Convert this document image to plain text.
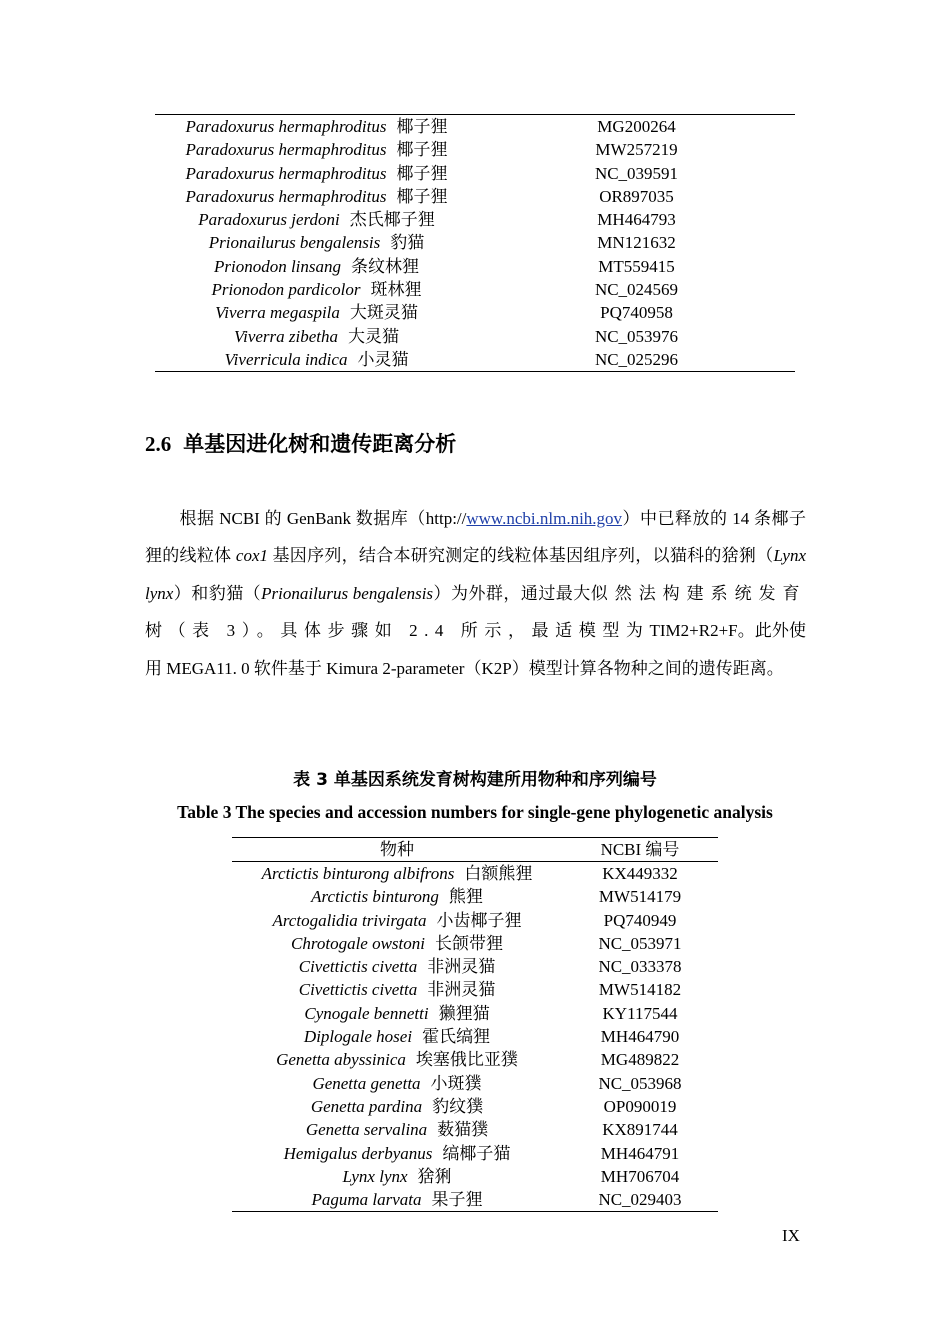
Paradoxurus hermaphroditus 椰子狸	MG200264
Paradoxurus hermaphroditus 椰子狸	MW257219
Paradoxurus hermaphroditus 椰子狸	NC_039591
Paradoxurus hermaphroditus 椰子狸	OR897035
Paradoxurus jerdoni 杰氏椰子狸	MH464793
Prionailurus bengalensis 豹猫	MN121632
Prionodon linsang 条纹林狸	MT559415
Prionodon pardicolor 斑林狸	NC_024569
Viverra megaspila 大斑灵猫	PQ740958
Viverra zibetha 大灵猫	NC_053976
Viverricula indica 小灵猫	NC_025296
2.6 单基因进化树和遗传距离分析

根据 NCBI 的 GenBank 数据库（http://www.ncbi.nlm.nih.gov）中已释放的 14 条椰子狸的线粒体 cox1 基因序列，结合本研究测定的线粒体基因组序列，以猫科的猞猁（Lynx lynx）和豹猫（Prionailurus bengalensis）为外群，通过最大似然法构建系统发育树（表 3）。具体步骤如 2.4 所示，最适模型为TIM2+R2+F。此外使用 MEGA11. 0 软件基于 Kimura 2-parameter（K2P）模型计算各物种之间的遗传距离。

表 3 单基因系统发育树构建所用物种和序列编号

Table 3 The species and accession numbers for single-gene phylogenetic analysis

物种	NCBI 编号
Arctictis binturong albifrons 白额熊狸	KX449332
Arctictis binturong 熊狸	MW514179
Arctogalidia trivirgata 小齿椰子狸	PQ740949
Chrotogale owstoni 长颌带狸	NC_053971
Civettictis civetta 非洲灵猫	NC_033378
Civettictis civetta 非洲灵猫	MW514182
Cynogale bennetti 獭狸猫	KY117544
Diplogale hosei 霍氏缟狸	MH464790
Genetta abyssinica 埃塞俄比亚獛	MG489822
Genetta genetta 小斑獛	NC_053968
Genetta pardina 豹纹獛	OP090019
Genetta servalina 薮猫獛	KX891744
Hemigalus derbyanus 缟椰子猫	MH464791
Lynx lynx 猞猁	MH706704
Paguma larvata 果子狸	NC_029403
IX
